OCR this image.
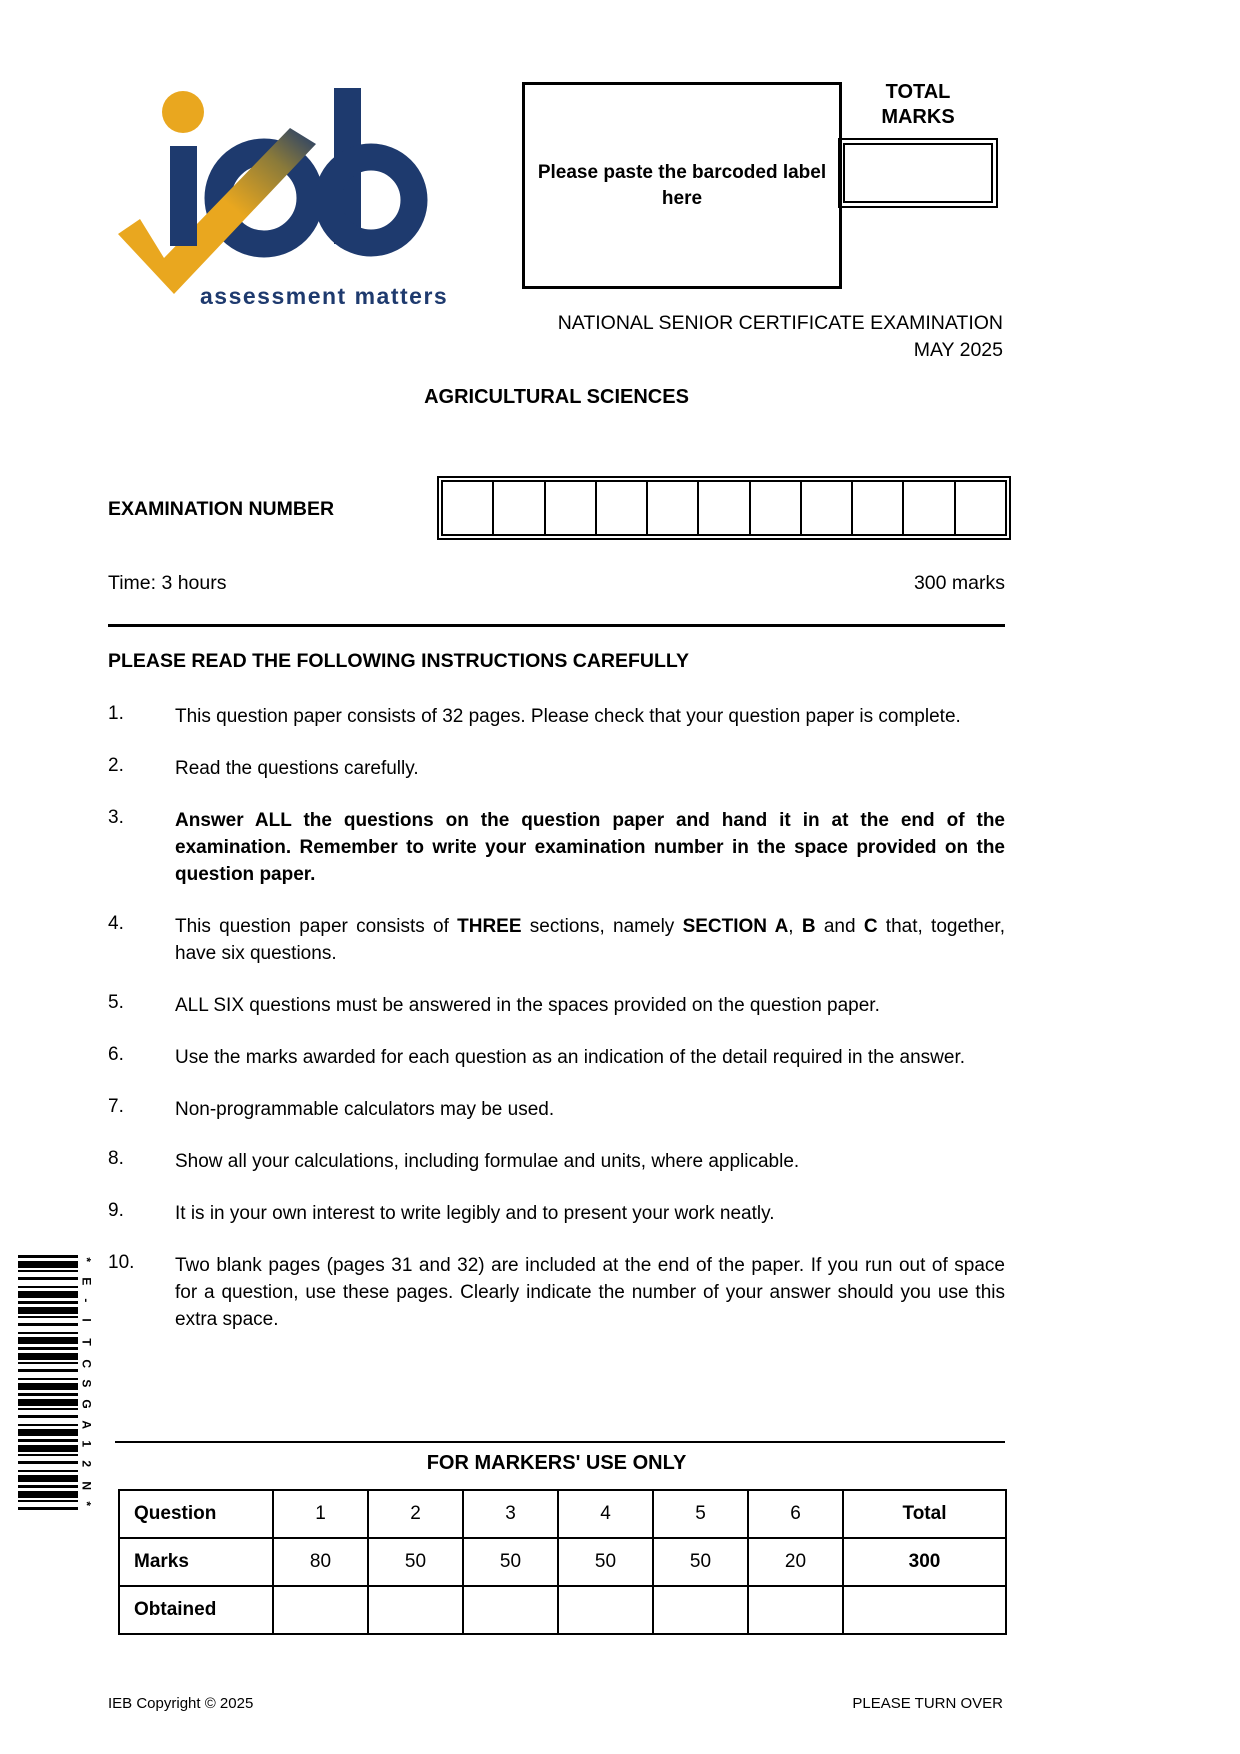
assessment matters
Please paste the barcoded label here
TOTAL
MARKS
NATIONAL SENIOR CERTIFICATE EXAMINATION
MAY 2025
AGRICULTURAL SCIENCES
EXAMINATION NUMBER
Time: 3 hours	300 marks
PLEASE READ THE FOLLOWING INSTRUCTIONS CAREFULLY
1.	This question paper consists of 32 pages. Please check that your question paper is complete.
2.	Read the questions carefully.
3.	Answer ALL the questions on the question paper and hand it in at the end of the examination. Remember to write your examination number in the space provided on the question paper.
4.	This question paper consists of THREE sections, namely SECTION A, B and C that, together, have six questions.
5.	ALL SIX questions must be answered in the spaces provided on the question paper.
6.	Use the marks awarded for each question as an indication of the detail required in the answer.
7.	Non-programmable calculators may be used.
8.	Show all your calculations, including formulae and units, where applicable.
9.	It is in your own interest to write legibly and to present your work neatly.
10.	Two blank pages (pages 31 and 32) are included at the end of the paper. If you run out of space for a question, use these pages. Clearly indicate the number of your answer should you use this extra space.
FOR MARKERS' USE ONLY
Question	1	2	3	4	5	6	Total
Marks	80	50	50	50	50	20	300
Obtained							
*
E
-
I
T
C
S
G
A
1
2
N
*
IEB Copyright © 2025	PLEASE TURN OVER
